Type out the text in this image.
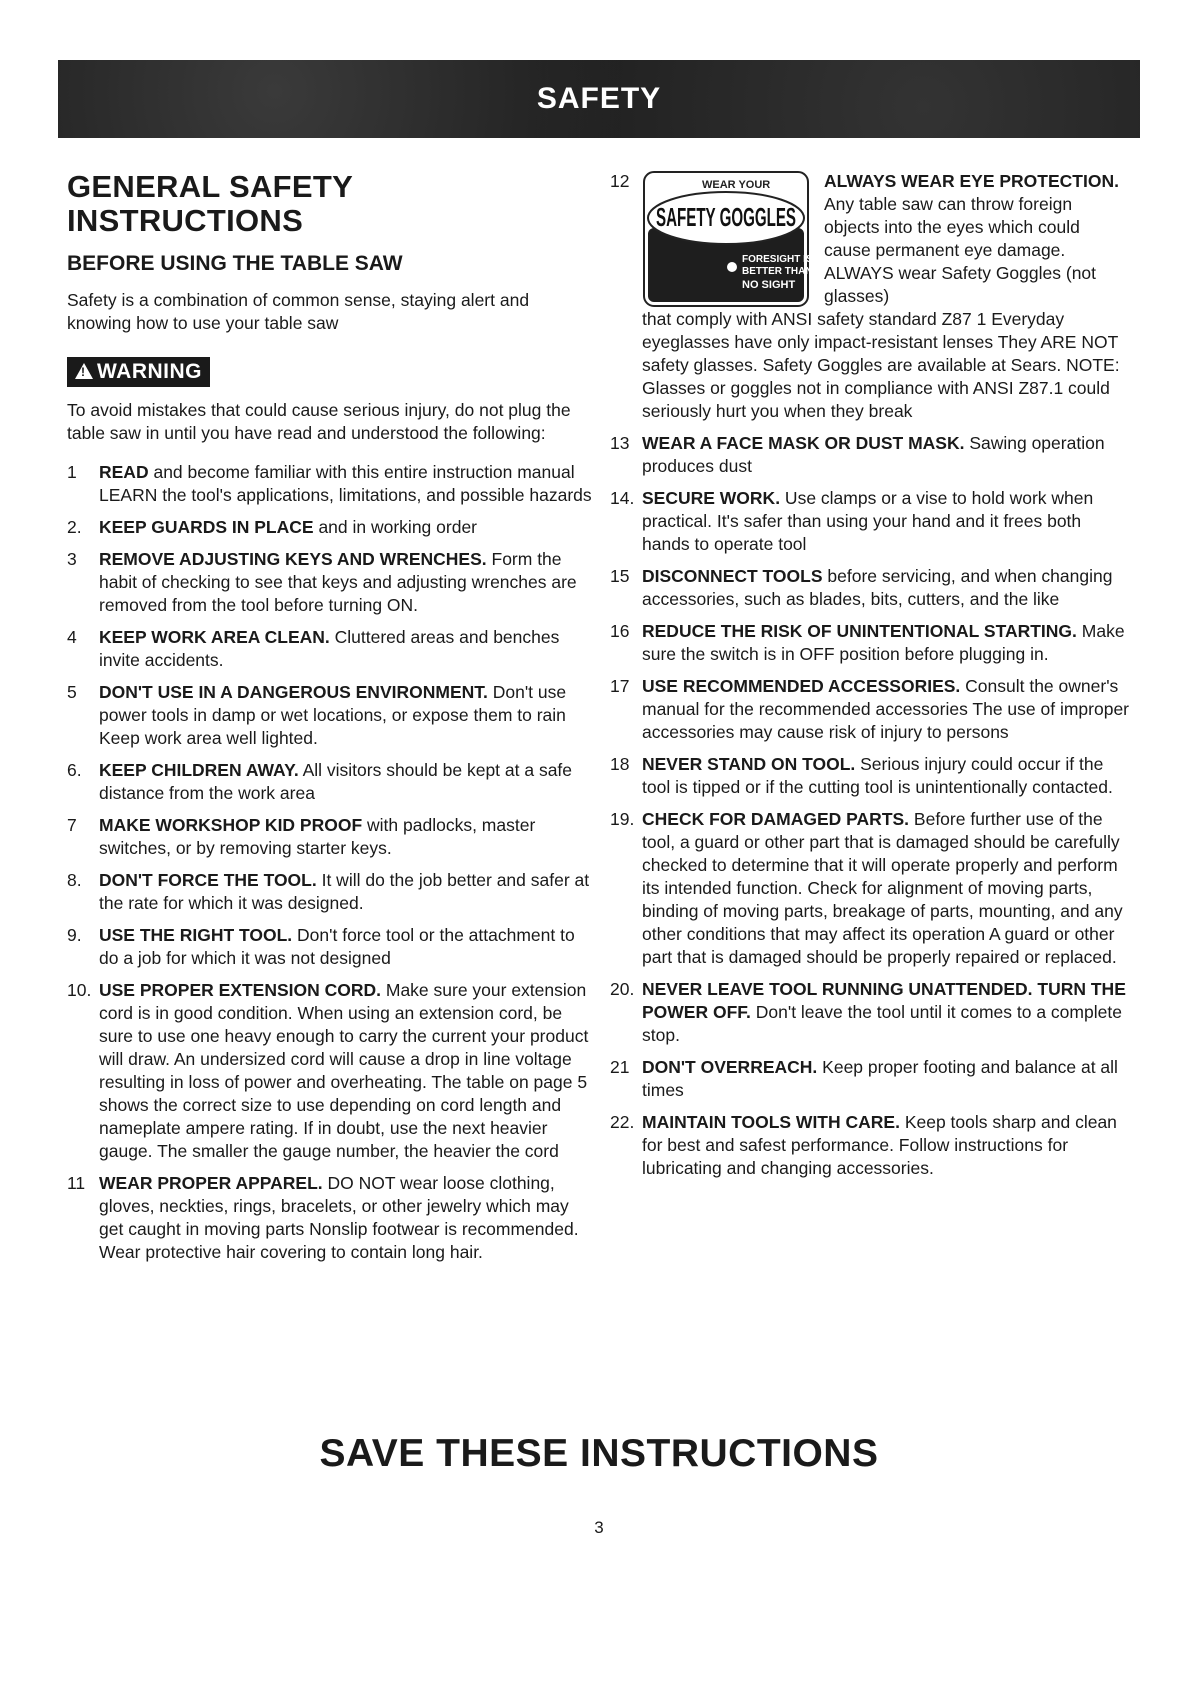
SAFETY
GENERAL SAFETY INSTRUCTIONS
BEFORE USING THE TABLE SAW

Safety is a combination of common sense, staying alert and knowing how to use your table saw

!WARNING

To avoid mistakes that could cause serious injury, do not plug the table saw in until you have read and understood the following:

1 READ and become familiar with this entire instruction manual LEARN the tool's applications, limitations, and possible hazards
2. KEEP GUARDS IN PLACE and in working order
3 REMOVE ADJUSTING KEYS AND WRENCHES. Form the habit of checking to see that keys and adjusting wrenches are removed from the tool before turning ON.
4 KEEP WORK AREA CLEAN. Cluttered areas and benches invite accidents.
5 DON'T USE IN A DANGEROUS ENVIRONMENT. Don't use power tools in damp or wet locations, or expose them to rain Keep work area well lighted.
6. KEEP CHILDREN AWAY. All visitors should be kept at a safe distance from the work area
7 MAKE WORKSHOP KID PROOF with padlocks, master switches, or by removing starter keys.
8. DON'T FORCE THE TOOL. It will do the job better and safer at the rate for which it was designed.
9. USE THE RIGHT TOOL. Don't force tool or the attachment to do a job for which it was not designed
10. USE PROPER EXTENSION CORD. Make sure your extension cord is in good condition. When using an extension cord, be sure to use one heavy enough to carry the current your product will draw. An undersized cord will cause a drop in line voltage resulting in loss of power and overheating. The table on page 5 shows the correct size to use depending on cord length and nameplate ampere rating. If in doubt, use the next heavier gauge. The smaller the gauge number, the heavier the cord
11 WEAR PROPER APPAREL. DO NOT wear loose clothing, gloves, neckties, rings, bracelets, or other jewelry which may get caught in moving parts Nonslip footwear is recommended. Wear protective hair covering to contain long hair.
12	WEAR YOUR
SAFETY GOGGLES
FORESIGHT IS
BETTER THAN
NO SIGHT
ALWAYS WEAR EYE PROTECTION. Any table saw can throw foreign objects into the eyes which could cause permanent eye damage. ALWAYS wear Safety Goggles (not glasses)
that comply with ANSI safety standard Z87 1 Everyday eyeglasses have only impact-resistant lenses They ARE NOT safety glasses. Safety Goggles are available at Sears. NOTE: Glasses or goggles not in compliance with ANSI Z87.1 could seriously hurt you when they break
13 WEAR A FACE MASK OR DUST MASK. Sawing operation produces dust
14. SECURE WORK. Use clamps or a vise to hold work when practical. It's safer than using your hand and it frees both hands to operate tool
15 DISCONNECT TOOLS before servicing, and when changing accessories, such as blades, bits, cutters, and the like
16 REDUCE THE RISK OF UNINTENTIONAL STARTING. Make sure the switch is in OFF position before plugging in.
17 USE RECOMMENDED ACCESSORIES. Consult the owner's manual for the recommended accessories The use of improper accessories may cause risk of injury to persons
18 NEVER STAND ON TOOL. Serious injury could occur if the tool is tipped or if the cutting tool is unintentionally contacted.
19. CHECK FOR DAMAGED PARTS. Before further use of the tool, a guard or other part that is damaged should be carefully checked to determine that it will operate properly and perform its intended function. Check for alignment of moving parts, binding of moving parts, breakage of parts, mounting, and any other conditions that may affect its operation A guard or other part that is damaged should be properly repaired or replaced.
20. NEVER LEAVE TOOL RUNNING UNATTENDED. TURN THE POWER OFF. Don't leave the tool until it comes to a complete stop.
21 DON'T OVERREACH. Keep proper footing and balance at all times
22. MAINTAIN TOOLS WITH CARE. Keep tools sharp and clean for best and safest performance. Follow instructions for lubricating and changing accessories.

SAVE THESE INSTRUCTIONS

3
